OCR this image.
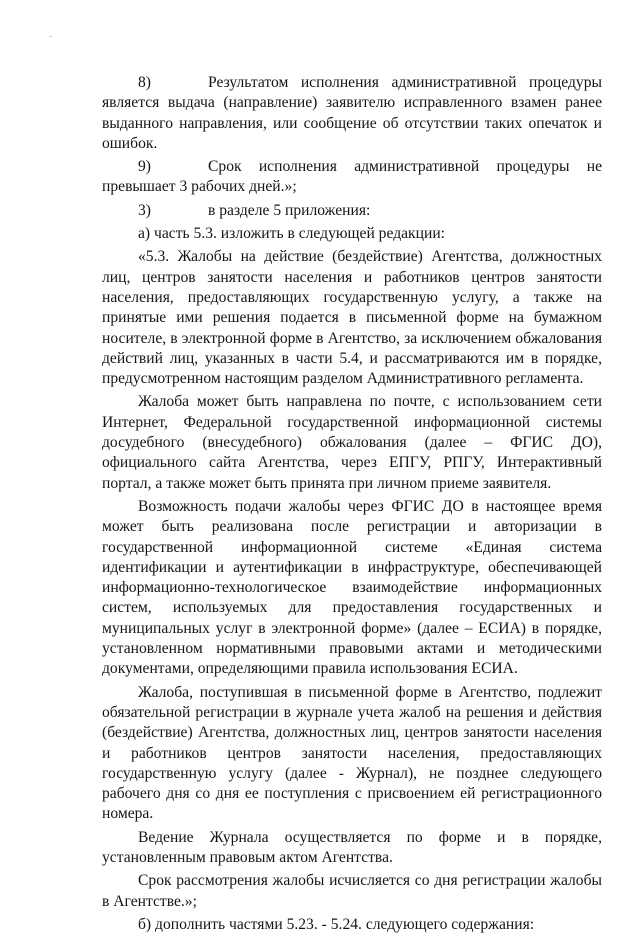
8)	Результатом исполнения административной процедуры является выдача (направление) заявителю исправленного взамен ранее выданного направления, или сообщение об отсутствии таких опечаток и ошибок.

9)	Срок исполнения административной процедуры не превышает 3 рабочих дней.»;

3)	в разделе 5 приложения:

а) часть 5.3. изложить в следующей редакции:

«5.3. Жалобы на действие (бездействие) Агентства, должностных лиц, центров занятости населения и работников центров занятости населения, предоставляющих государственную услугу, а также на принятые ими решения подается в письменной форме на бумажном носителе, в электронной форме в Агентство, за исключением обжалования действий лиц, указанных в части 5.4, и рассматриваются им в порядке, предусмотренном настоящим разделом Административного регламента.

Жалоба может быть направлена по почте, с использованием сети Интернет, Федеральной государственной информационной системы досудебного (внесудебного) обжалования (далее – ФГИС ДО), официального сайта Агентства, через ЕПГУ, РПГУ, Интерактивный портал, а также может быть принята при личном приеме заявителя.

Возможность подачи жалобы через ФГИС ДО в настоящее время может быть реализована после регистрации и авторизации в государственной информационной системе «Единая система идентификации и аутентификации в инфраструктуре, обеспечивающей информационно-технологическое взаимодействие информационных систем, используемых для предоставления государственных и муниципальных услуг в электронной форме» (далее – ЕСИА) в порядке, установленном нормативными правовыми актами и методическими документами, определяющими правила использования ЕСИА.

Жалоба, поступившая в письменной форме в Агентство, подлежит обязательной регистрации в журнале учета жалоб на решения и действия (бездействие) Агентства, должностных лиц, центров занятости населения и работников центров занятости населения, предоставляющих государственную услугу (далее - Журнал), не позднее следующего рабочего дня со дня ее поступления с присвоением ей регистрационного номера.

Ведение Журнала осуществляется по форме и в порядке, установленным правовым актом Агентства.

Срок рассмотрения жалобы исчисляется со дня регистрации жалобы в Агентстве.»;

б) дополнить частями 5.23. - 5.24. следующего содержания:
